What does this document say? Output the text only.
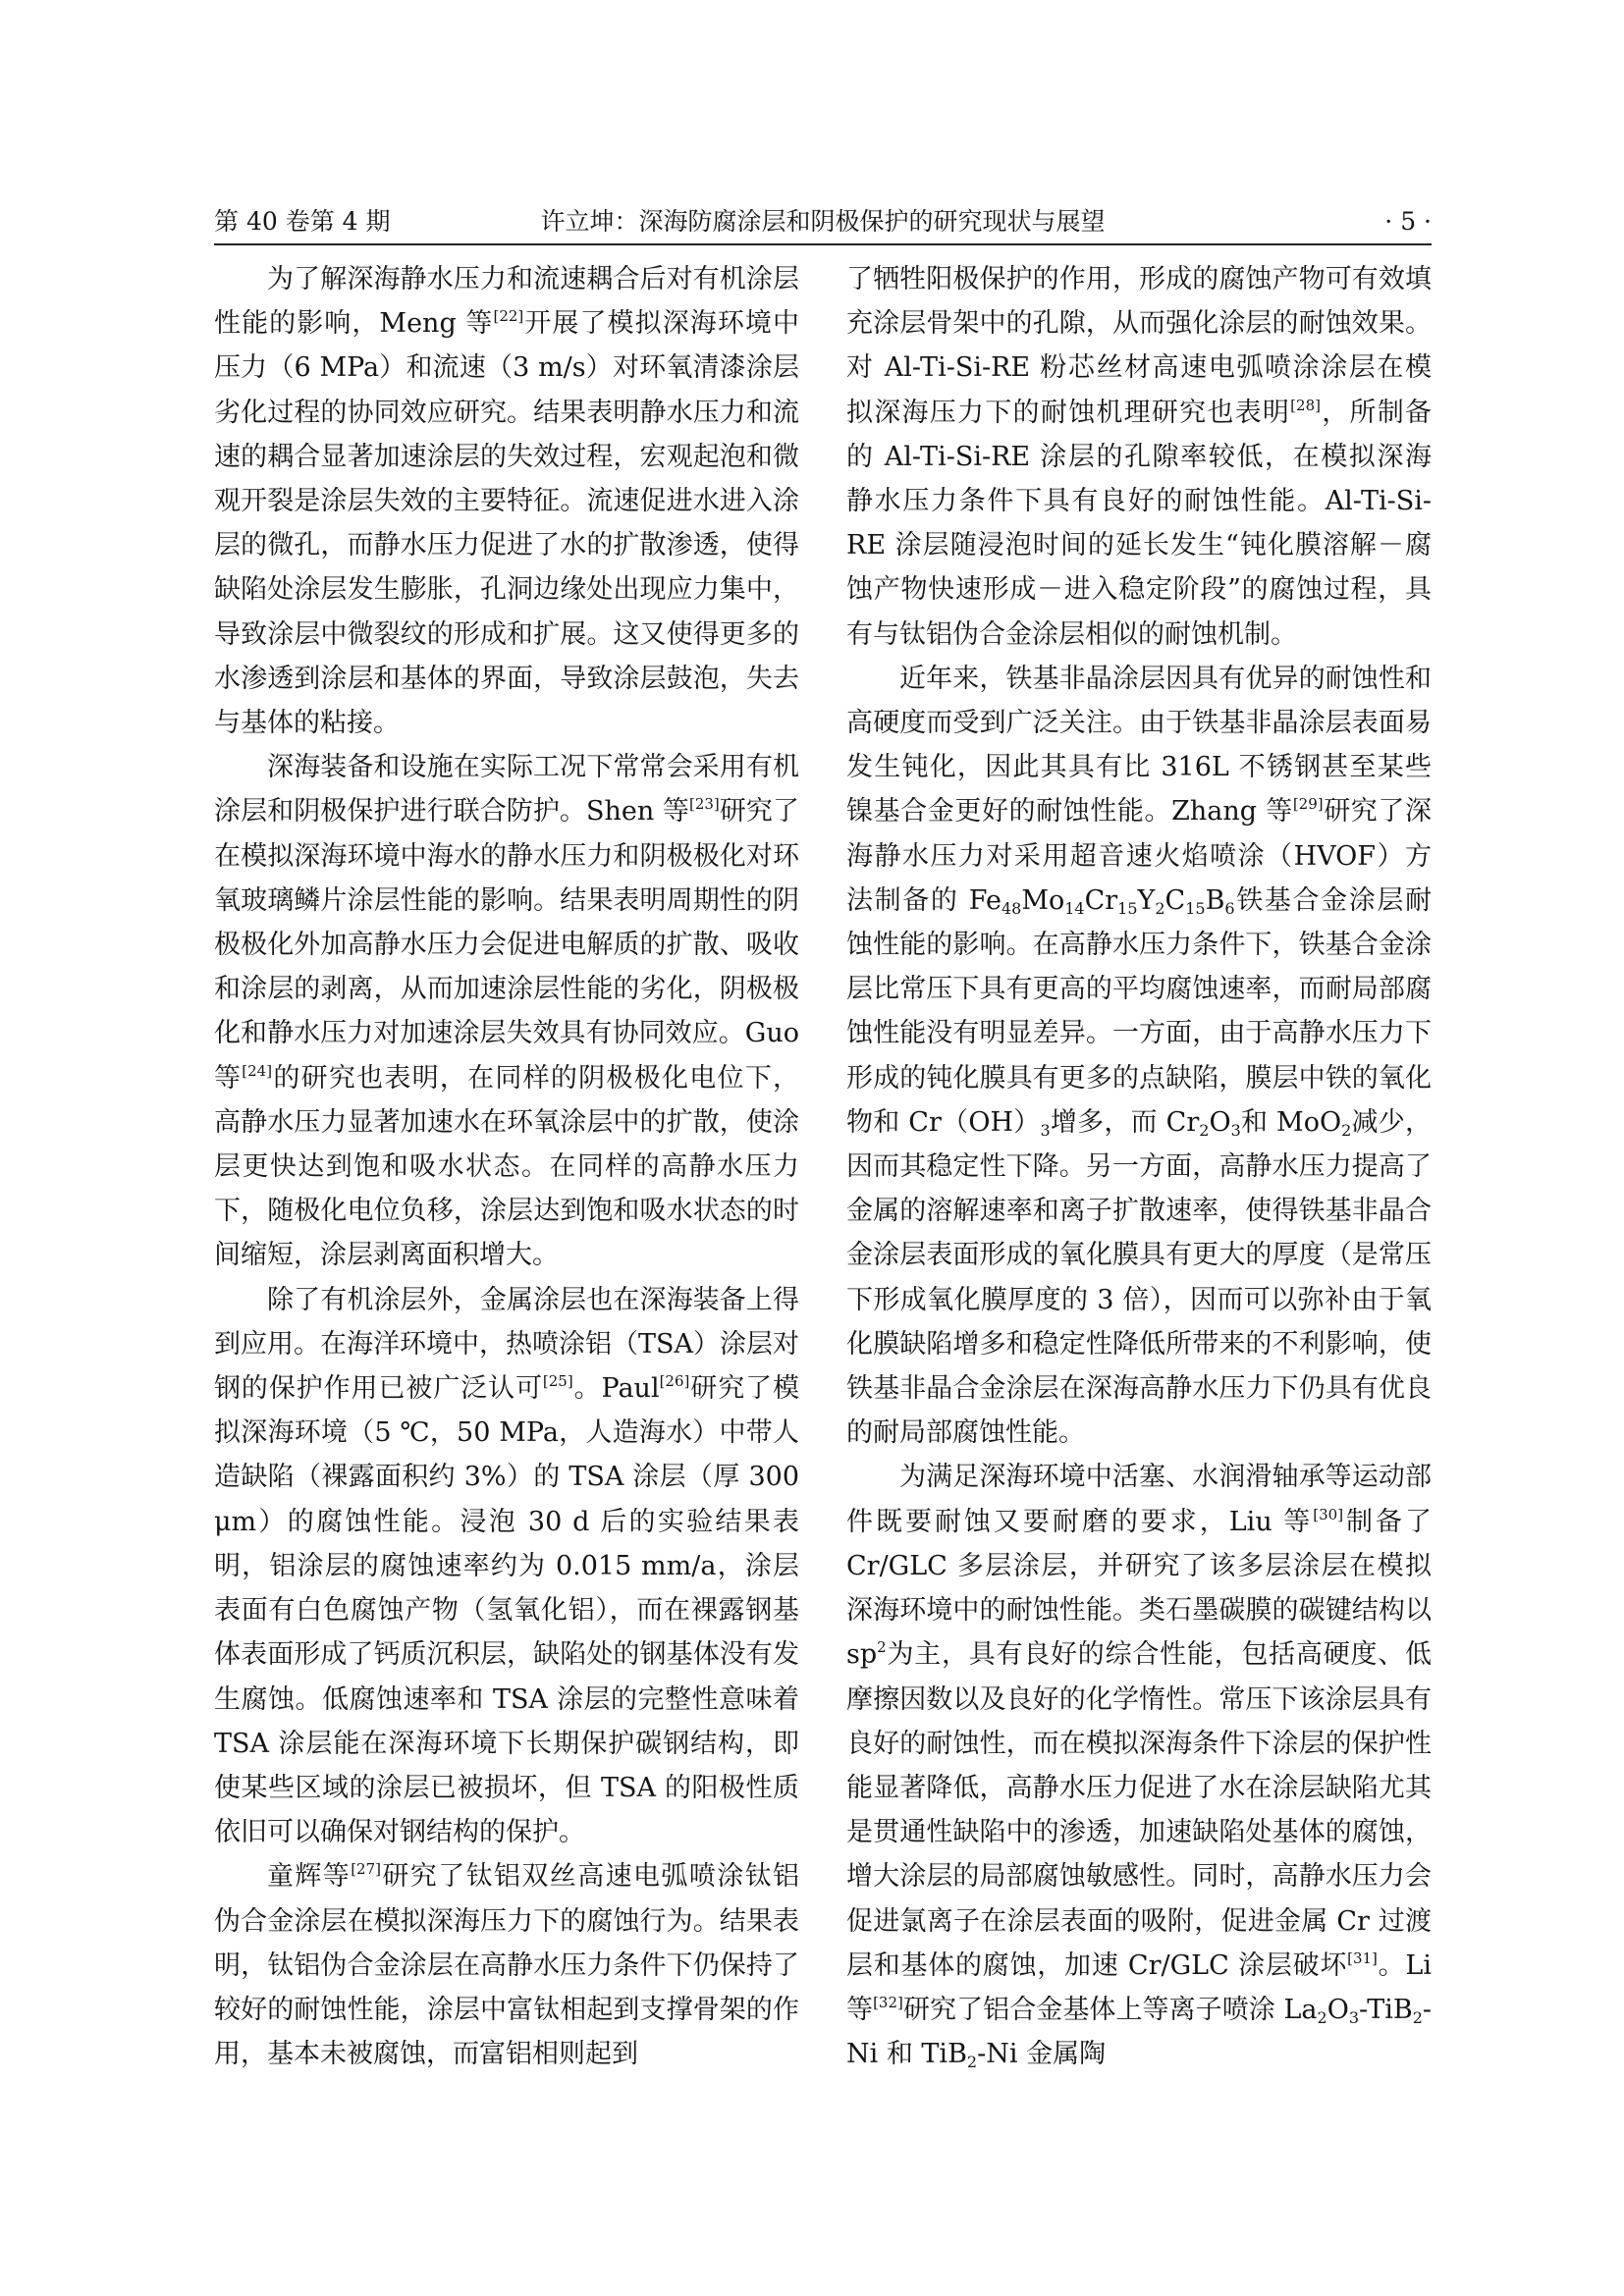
第 40 卷第 4 期	许立坤：深海防腐涂层和阴极保护的研究现状与展望	· 5 ·

为了解深海静水压力和流速耦合后对有机涂层性能的影响，Meng 等[22]开展了模拟深海环境中压力（6 MPa）和流速（3 m/s）对环氧清漆涂层劣化过程的协同效应研究。结果表明静水压力和流速的耦合显著加速涂层的失效过程，宏观起泡和微观开裂是涂层失效的主要特征。流速促进水进入涂层的微孔，而静水压力促进了水的扩散渗透，使得缺陷处涂层发生膨胀，孔洞边缘处出现应力集中，导致涂层中微裂纹的形成和扩展。这又使得更多的水渗透到涂层和基体的界面，导致涂层鼓泡，失去与基体的粘接。

深海装备和设施在实际工况下常常会采用有机涂层和阴极保护进行联合防护。Shen 等[23]研究了在模拟深海环境中海水的静水压力和阴极极化对环氧玻璃鳞片涂层性能的影响。结果表明周期性的阴极极化外加高静水压力会促进电解质的扩散、吸收和涂层的剥离，从而加速涂层性能的劣化，阴极极化和静水压力对加速涂层失效具有协同效应。Guo 等[24]的研究也表明，在同样的阴极极化电位下，高静水压力显著加速水在环氧涂层中的扩散，使涂层更快达到饱和吸水状态。在同样的高静水压力下，随极化电位负移，涂层达到饱和吸水状态的时间缩短，涂层剥离面积增大。

除了有机涂层外，金属涂层也在深海装备上得到应用。在海洋环境中，热喷涂铝（TSA）涂层对钢的保护作用已被广泛认可[25]。Paul[26]研究了模拟深海环境（5 ℃，50 MPa，人造海水）中带人造缺陷（裸露面积约 3%）的 TSA 涂层（厚 300 μm）的腐蚀性能。浸泡 30 d 后的实验结果表明，铝涂层的腐蚀速率约为 0.015 mm/a，涂层表面有白色腐蚀产物（氢氧化铝），而在裸露钢基体表面形成了钙质沉积层，缺陷处的钢基体没有发生腐蚀。低腐蚀速率和 TSA 涂层的完整性意味着 TSA 涂层能在深海环境下长期保护碳钢结构，即使某些区域的涂层已被损坏，但 TSA 的阳极性质依旧可以确保对钢结构的保护。

童辉等[27]研究了钛铝双丝高速电弧喷涂钛铝伪合金涂层在模拟深海压力下的腐蚀行为。结果表明，钛铝伪合金涂层在高静水压力条件下仍保持了较好的耐蚀性能，涂层中富钛相起到支撑骨架的作用，基本未被腐蚀，而富铝相则起到

了牺牲阳极保护的作用，形成的腐蚀产物可有效填充涂层骨架中的孔隙，从而强化涂层的耐蚀效果。对 Al-Ti-Si-RE 粉芯丝材高速电弧喷涂涂层在模拟深海压力下的耐蚀机理研究也表明[28]，所制备的 Al-Ti-Si-RE 涂层的孔隙率较低，在模拟深海静水压力条件下具有良好的耐蚀性能。Al-Ti-Si-RE 涂层随浸泡时间的延长发生“钝化膜溶解－腐蚀产物快速形成－进入稳定阶段”的腐蚀过程，具有与钛铝伪合金涂层相似的耐蚀机制。

近年来，铁基非晶涂层因具有优异的耐蚀性和高硬度而受到广泛关注。由于铁基非晶涂层表面易发生钝化，因此其具有比 316L 不锈钢甚至某些镍基合金更好的耐蚀性能。Zhang 等[29]研究了深海静水压力对采用超音速火焰喷涂（HVOF）方法制备的 $Fe_{48}Mo_{14}Cr_{15}Y_2C_{15}B_6$铁基合金涂层耐蚀性能的影响。在高静水压力条件下，铁基合金涂层比常压下具有更高的平均腐蚀速率，而耐局部腐蚀性能没有明显差异。一方面，由于高静水压力下形成的钝化膜具有更多的点缺陷，膜层中铁的氧化物和 $Cr(OH)_3$增多，而 $Cr_2O_3$和 MoO$_2$减少，因而其稳定性下降。另一方面，高静水压力提高了金属的溶解速率和离子扩散速率，使得铁基非晶合金涂层表面形成的氧化膜具有更大的厚度（是常压下形成氧化膜厚度的 3 倍），因而可以弥补由于氧化膜缺陷增多和稳定性降低所带来的不利影响，使铁基非晶合金涂层在深海高静水压力下仍具有优良的耐局部腐蚀性能。

为满足深海环境中活塞、水润滑轴承等运动部件既要耐蚀又要耐磨的要求，Liu 等[30]制备了 Cr/GLC 多层涂层，并研究了该多层涂层在模拟深海环境中的耐蚀性能。类石墨碳膜的碳键结构以 $sp^2$为主，具有良好的综合性能，包括高硬度、低摩擦因数以及良好的化学惰性。常压下该涂层具有良好的耐蚀性，而在模拟深海条件下涂层的保护性能显著降低，高静水压力促进了水在涂层缺陷尤其是贯通性缺陷中的渗透，加速缺陷处基体的腐蚀，增大涂层的局部腐蚀敏感性。同时，高静水压力会促进氯离子在涂层表面的吸附，促进金属 Cr 过渡层和基体的腐蚀，加速 Cr/GLC 涂层破坏[31]。Li 等[32]研究了铝合金基体上等离子喷涂 $La_2O_3-TiB_2-Ni$ 和 TiB$_2$-Ni 金属陶
